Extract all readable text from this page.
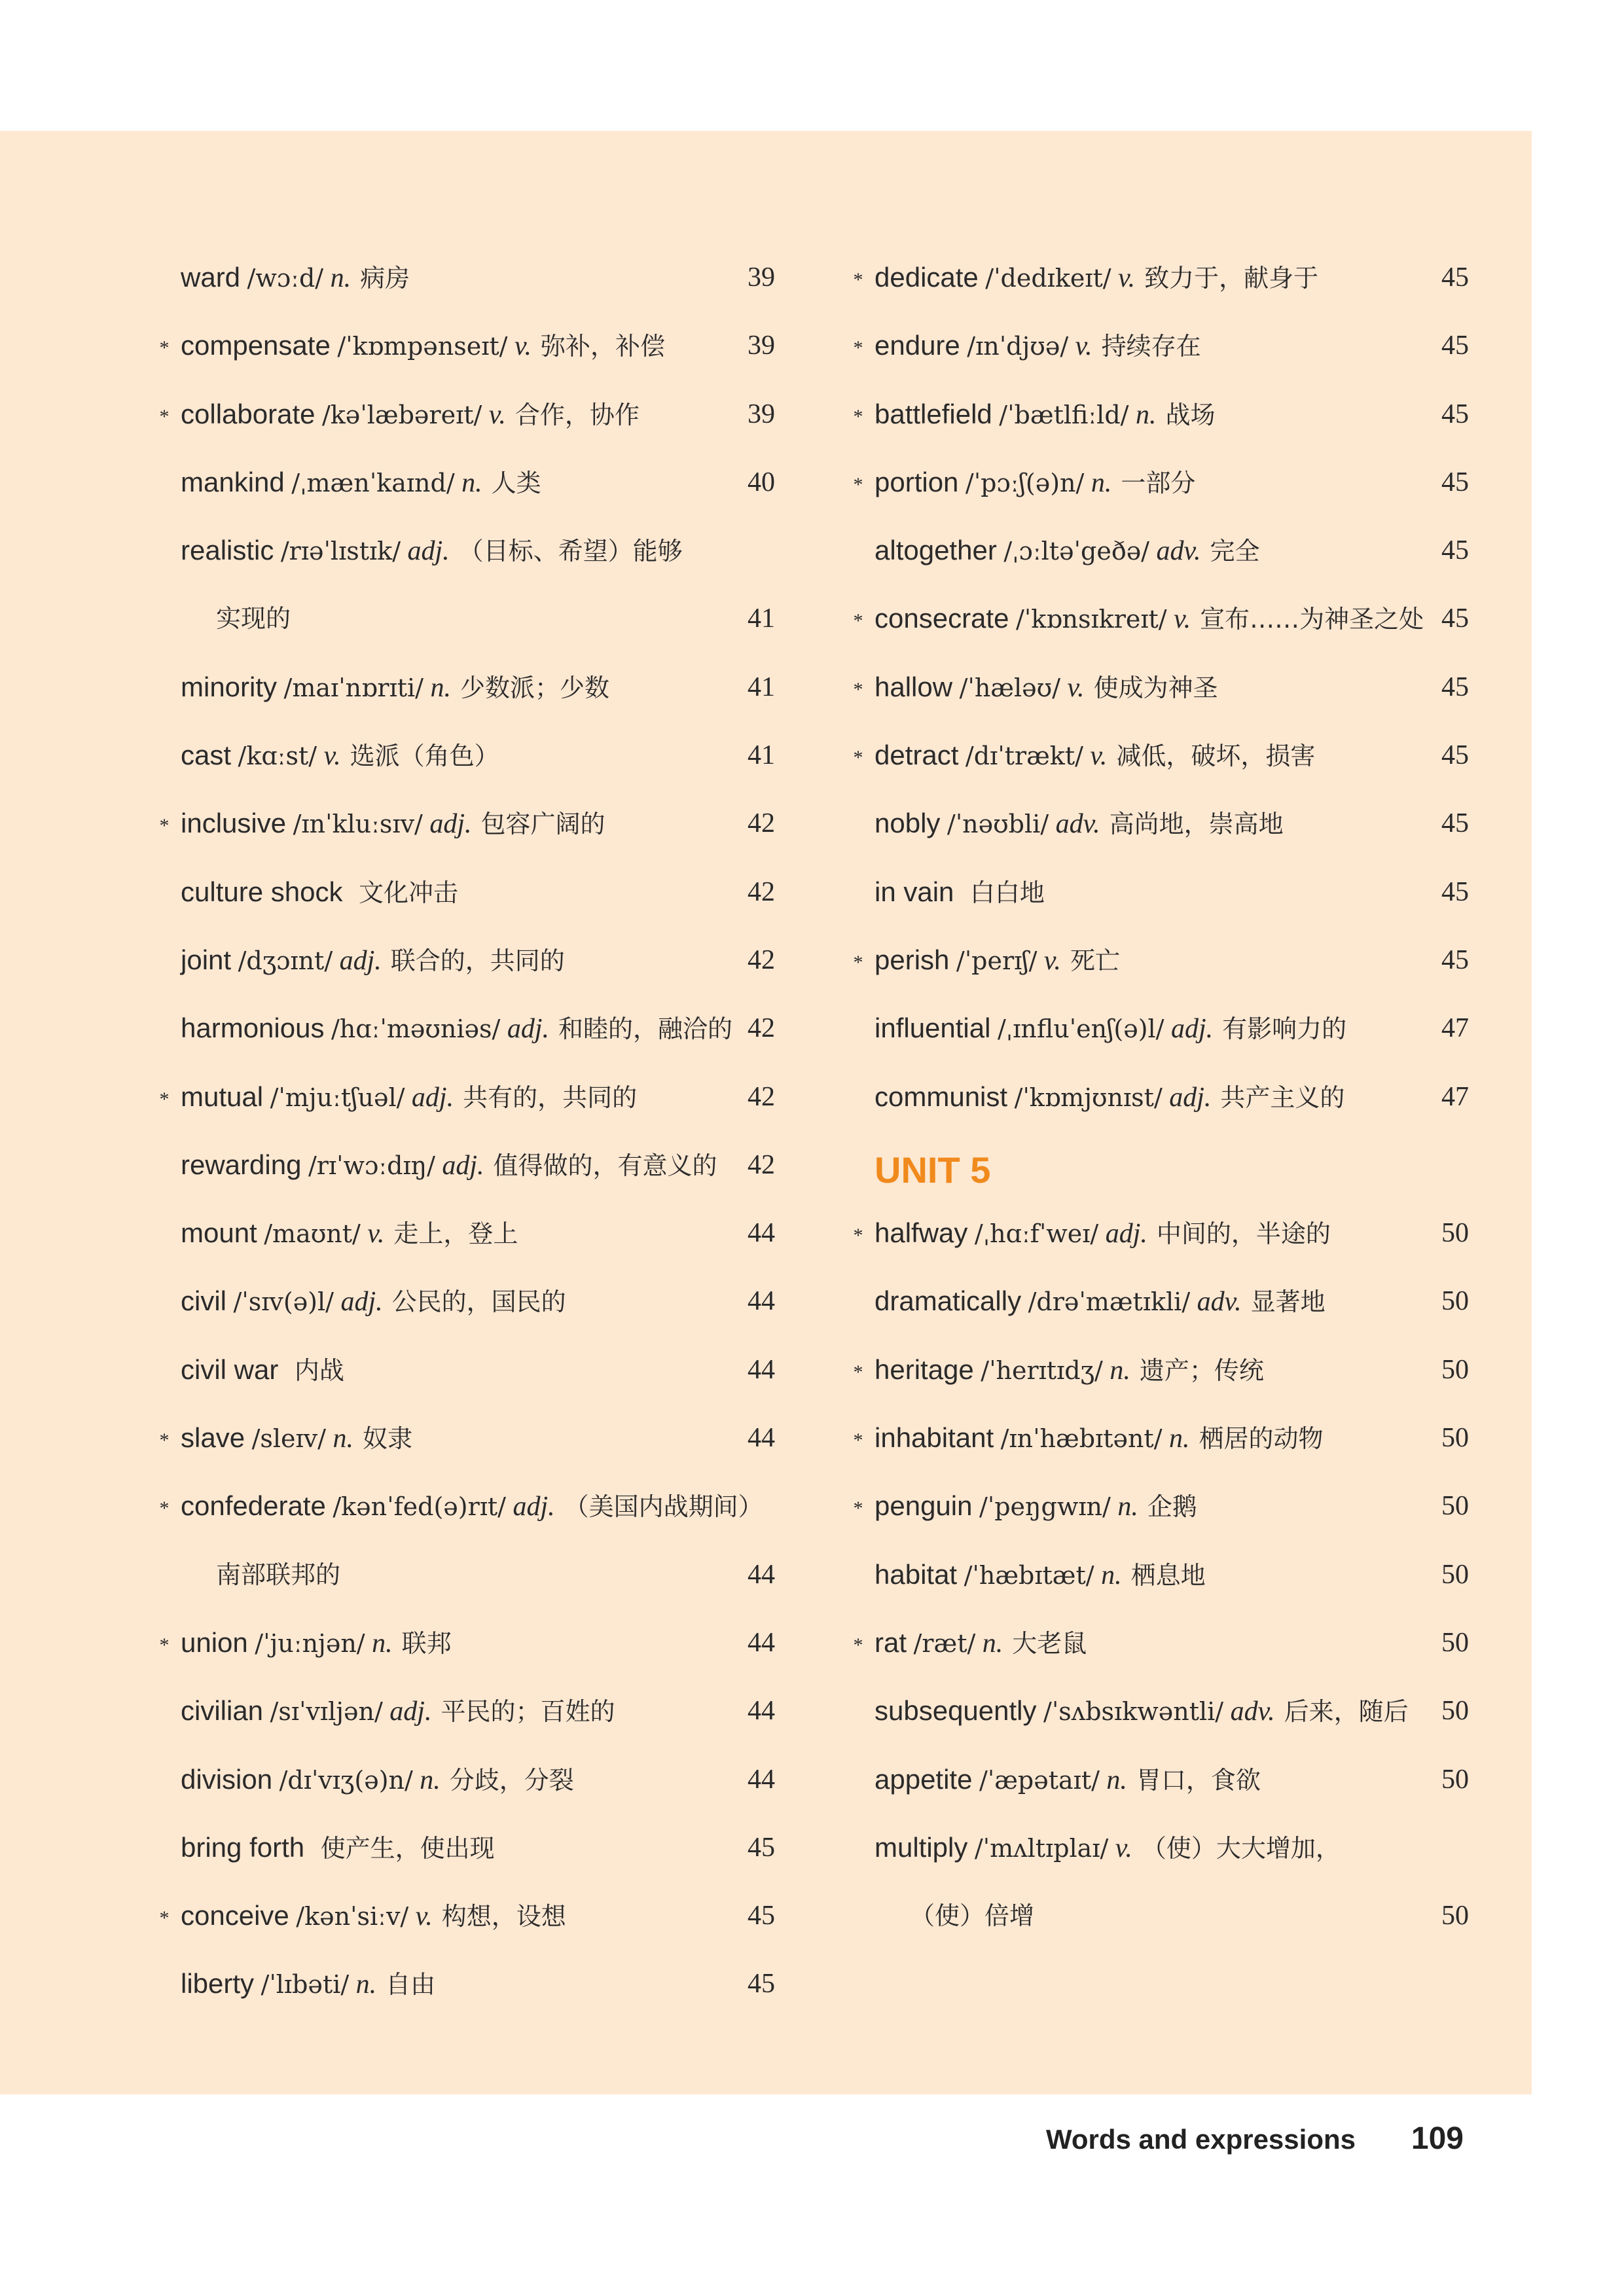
ward /wɔːd/ n. 病房	39
* compensate /ˈkɒmpənseɪt/ v. 弥补，补偿	39
* collaborate /kəˈlæbəreɪt/ v. 合作，协作	39
mankind /ˌmænˈkaɪnd/ n. 人类	40
realistic /rɪəˈlɪstɪk/ adj. （目标、希望）能够
实现的	41
minority /maɪˈnɒrɪti/ n. 少数派；少数	41
cast /kɑːst/ v. 选派（角色）	41
* inclusive /ɪnˈkluːsɪv/ adj. 包容广阔的	42
culture shock 文化冲击	42
joint /dʒɔɪnt/ adj. 联合的，共同的	42
harmonious /hɑːˈməʊniəs/ adj. 和睦的，融洽的 42
* mutual /ˈmjuːtʃuəl/ adj. 共有的，共同的	42
rewarding /rɪˈwɔːdɪŋ/ adj. 值得做的，有意义的 42
mount /maʊnt/ v. 走上，登上	44
civil /ˈsɪv(ə)l/ adj. 公民的，国民的	44
civil war 内战	44
* slave /sleɪv/ n. 奴隶	44
* confederate /kənˈfed(ə)rɪt/ adj. （美国内战期间）
南部联邦的	44
* union /ˈjuːnjən/ n. 联邦	44
civilian /sɪˈvɪljən/ adj. 平民的；百姓的	44
division /dɪˈvɪʒ(ə)n/ n. 分歧，分裂	44
bring forth 使产生，使出现	45
* conceive /kənˈsiːv/ v. 构想，设想	45
liberty /ˈlɪbəti/ n. 自由	45
* dedicate /ˈdedɪkeɪt/ v. 致力于，献身于	45
* endure /ɪnˈdjʊə/ v. 持续存在	45
* battlefield /ˈbætlfiːld/ n. 战场	45
* portion /ˈpɔːʃ(ə)n/ n. 一部分	45
altogether /ˌɔːltəˈgeðə/ adv. 完全	45
* consecrate /ˈkɒnsɪkreɪt/ v. 宣布……为神圣之处 45
* hallow /ˈhæləʊ/ v. 使成为神圣	45
* detract /dɪˈtrækt/ v. 减低，破坏，损害	45
nobly /ˈnəʊbli/ adv. 高尚地，崇高地	45
in vain 白白地	45
* perish /ˈperɪʃ/ v. 死亡	45
influential /ˌɪnfluˈenʃ(ə)l/ adj. 有影响力的	47
communist /ˈkɒmjʊnɪst/ adj. 共产主义的	47
UNIT 5
* halfway /ˌhɑːfˈweɪ/ adj. 中间的，半途的	50
dramatically /drəˈmætɪkli/ adv. 显著地	50
* heritage /ˈherɪtɪdʒ/ n. 遗产；传统	50
* inhabitant /ɪnˈhæbɪtənt/ n. 栖居的动物	50
* penguin /ˈpeŋgwɪn/ n. 企鹅	50
habitat /ˈhæbɪtæt/ n. 栖息地	50
* rat /ræt/ n. 大老鼠	50
subsequently /ˈsʌbsɪkwəntli/ adv. 后来，随后 50
appetite /ˈæpətaɪt/ n. 胃口，食欲	50
multiply /ˈmʌltɪplaɪ/ v. （使）大大增加，
（使）倍增	50
Words and expressions 109
